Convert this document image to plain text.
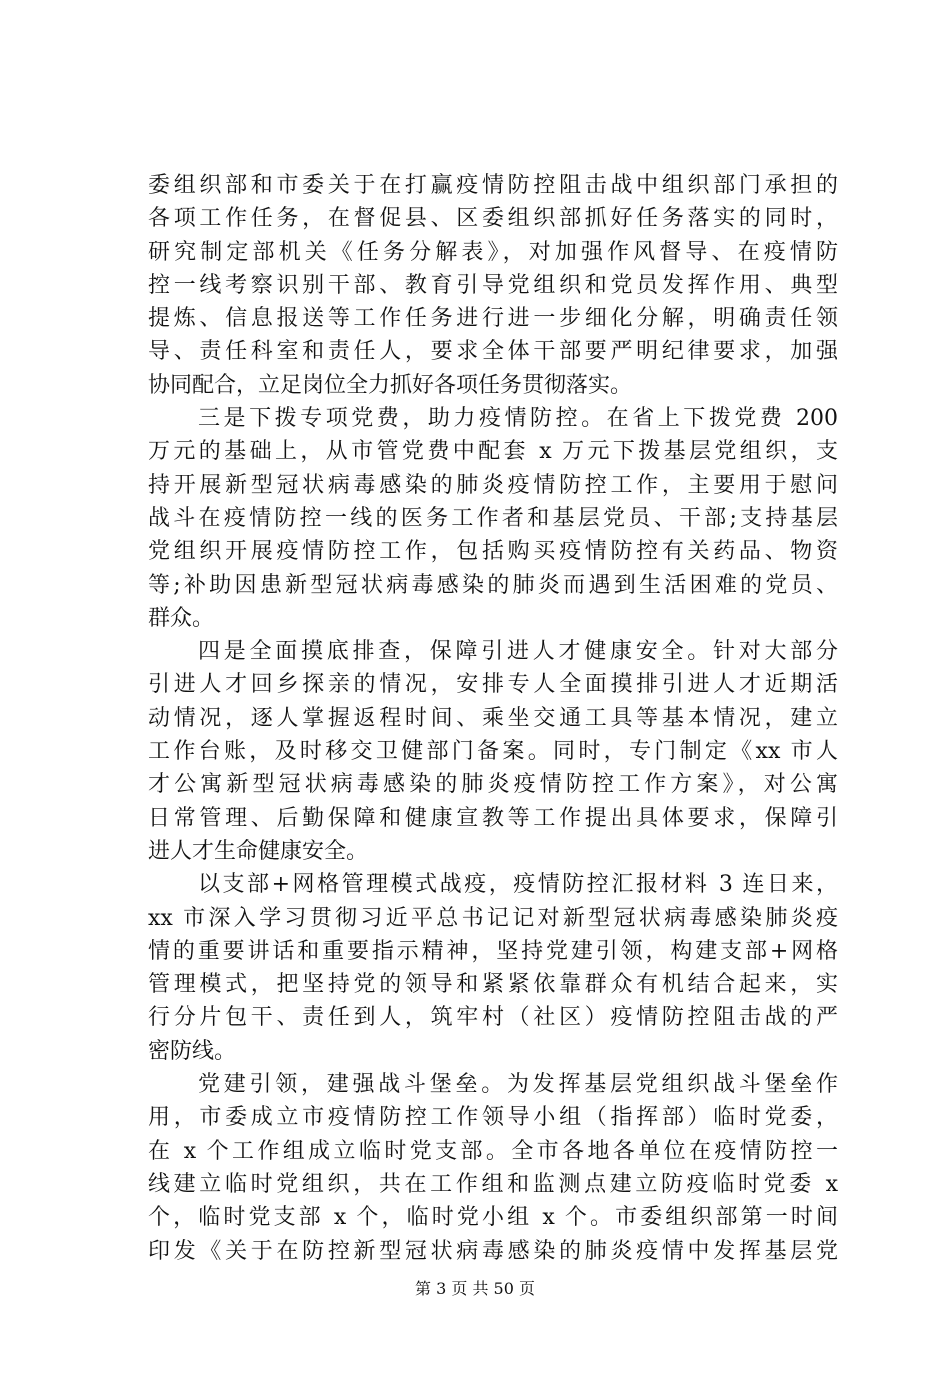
委组织部和市委关于在打赢疫情防控阻击战中组织部门承担的
各项工作任务，在督促县、区委组织部抓好任务落实的同时，
研究制定部机关《任务分解表》，对加强作风督导、在疫情防
控一线考察识别干部、教育引导党组织和党员发挥作用、典型
提炼、信息报送等工作任务进行进一步细化分解，明确责任领
导、责任科室和责任人，要求全体干部要严明纪律要求，加强
协同配合，立足岗位全力抓好各项任务贯彻落实。
三是下拨专项党费，助力疫情防控。在省上下拨党费 200
万元的基础上，从市管党费中配套 x 万元下拨基层党组织，支
持开展新型冠状病毒感染的肺炎疫情防控工作，主要用于慰问
战斗在疫情防控一线的医务工作者和基层党员、干部;支持基层
党组织开展疫情防控工作，包括购买疫情防控有关药品、物资
等;补助因患新型冠状病毒感染的肺炎而遇到生活困难的党员、
群众。
四是全面摸底排查，保障引进人才健康安全。针对大部分
引进人才回乡探亲的情况，安排专人全面摸排引进人才近期活
动情况，逐人掌握返程时间、乘坐交通工具等基本情况，建立
工作台账，及时移交卫健部门备案。同时，专门制定《xx 市人
才公寓新型冠状病毒感染的肺炎疫情防控工作方案》，对公寓
日常管理、后勤保障和健康宣教等工作提出具体要求，保障引
进人才生命健康安全。
以支部+网格管理模式战疫，疫情防控汇报材料 3 连日来，
xx 市深入学习贯彻习近平总书记记对新型冠状病毒感染肺炎疫
情的重要讲话和重要指示精神，坚持党建引领，构建支部+网格
管理模式，把坚持党的领导和紧紧依靠群众有机结合起来，实
行分片包干、责任到人，筑牢村（社区）疫情防控阻击战的严
密防线。
党建引领，建强战斗堡垒。为发挥基层党组织战斗堡垒作
用，市委成立市疫情防控工作领导小组（指挥部）临时党委，
在 x 个工作组成立临时党支部。全市各地各单位在疫情防控一
线建立临时党组织，共在工作组和监测点建立防疫临时党委 x
个，临时党支部 x 个，临时党小组 x 个。市委组织部第一时间
印发《关于在防控新型冠状病毒感染的肺炎疫情中发挥基层党
第 3 页 共 50 页
